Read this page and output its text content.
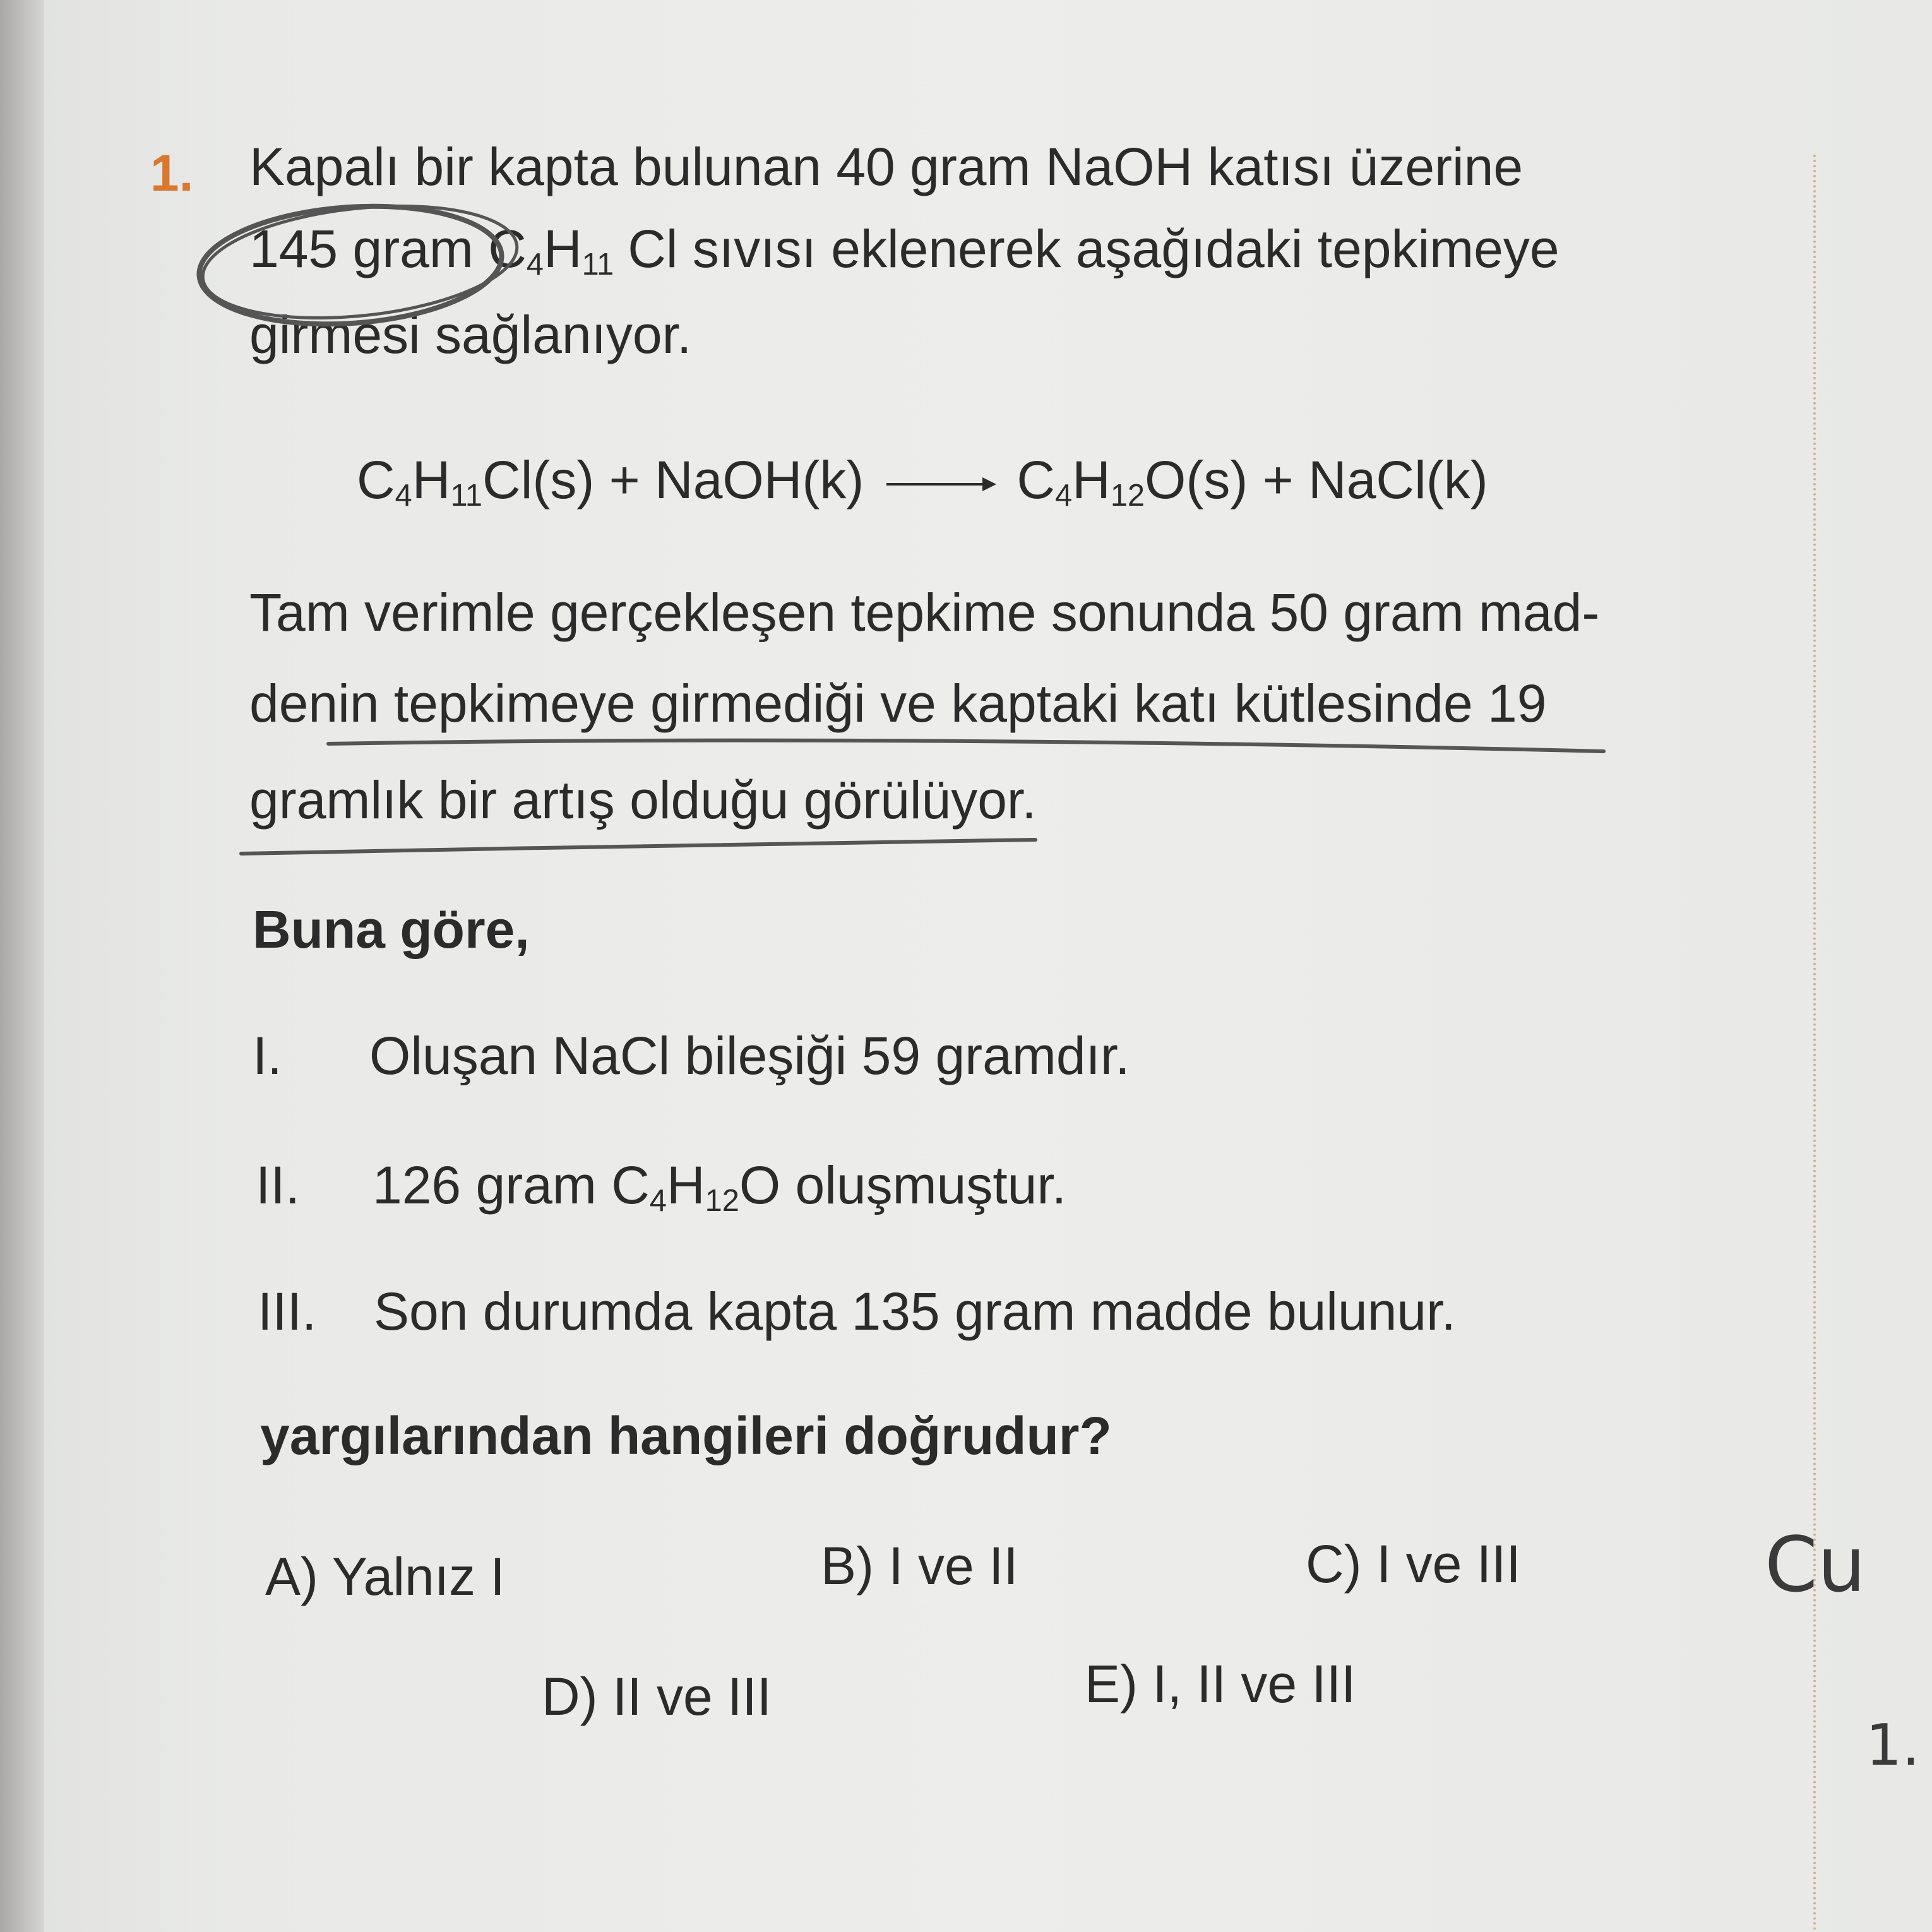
1. Kapalı bir kapta bulunan 40 gram NaOH katısı üzerine
145 gram $C_4H_{11}$ Cl sıvısı eklenerek aşağıdaki tepkimeye
girmesi sağlanıyor.
$C_4H_{11}Cl(s)$ + NaOH(k) → $C_4H_{12}O(s)$ + NaCl(k)
Tam verimle gerçekleşen tepkime sonunda 50 gram mad-
denin tepkimeye girmediği ve kaptaki katı kütlesinde 19
gramlık bir artış olduğu görülüyor.
Buna göre,
I. Oluşan NaCl bileşiği 59 gramdır.
II. 126 gram $C_4H_{12}O$ oluşmuştur.
III. Son durumda kapta 135 gram madde bulunur.
yargılarından hangileri doğrudur?
A) Yalnız I	B) I ve II	C) I ve III
D) II ve III	E) I, II ve III
Cu
1.
